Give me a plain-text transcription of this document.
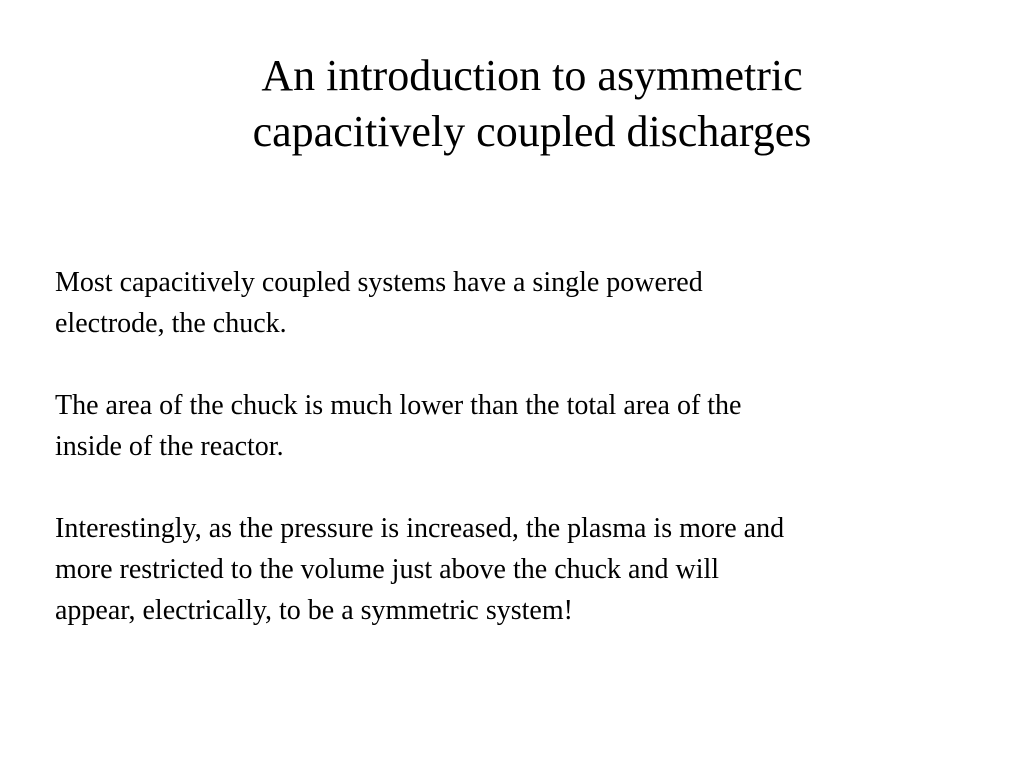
An introduction to asymmetric
capacitively coupled discharges

Most capacitively coupled systems have a single powered
electrode, the chuck.

The area of the chuck is much lower than the total area of the
inside of the reactor.

Interestingly, as the pressure is increased, the plasma is more and
more restricted to the volume just above the chuck and will
appear, electrically, to be a symmetric system!
